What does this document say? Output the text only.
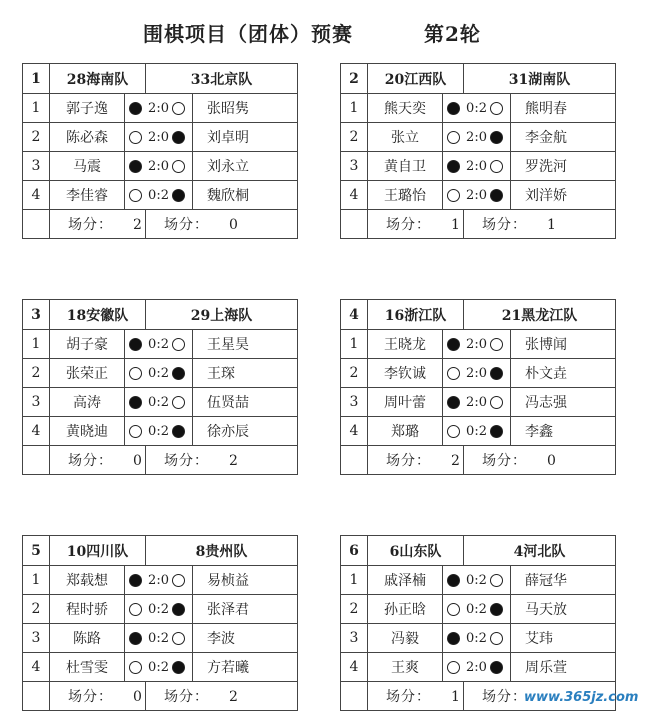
围棋项目（团体）预赛	第2轮
1	28海南队		33北京队		
1	郭子逸		2:0		张昭隽
2	陈必森		2:0		刘卓明
3	马震		2:0		刘永立
4	李佳睿		0:2		魏欣桐
	场分： 2		场分： 0		
2	20江西队		31湖南队		
1	熊天奕		0:2		熊明春
2	张立		2:0		李金航
3	黄自卫		2:0		罗洗河
4	王璐怡		2:0		刘洋娇
	场分： 1		场分： 1		
3	18安徽队		29上海队		
1	胡子豪		0:2		王星昊
2	张荣正		0:2		王琛
3	高涛		0:2		伍贤喆
4	黄晓迪		0:2		徐亦辰
	场分： 0		场分： 2		
4	16浙江队		21黑龙江队		
1	王晓龙		2:0		张博闻
2	李钦诚		2:0		朴文垚
3	周叶蕾		2:0		冯志强
4	郑璐		0:2		李鑫
	场分： 2		场分： 0		
5	10四川队		8贵州队		
1	郑载想		2:0		易桢益
2	程时骄		0:2		张泽君
3	陈路		0:2		李波
4	杜雪雯		0:2		方若曦
	场分： 0		场分： 2		
6	6山东队		4河北队		
1	戚泽楠		0:2		薛冠华
2	孙正晗		0:2		马天放
3	冯毅		0:2		艾玮
4	王爽		2:0		周乐萱
	场分： 1		场分：		
www.365jz.com
